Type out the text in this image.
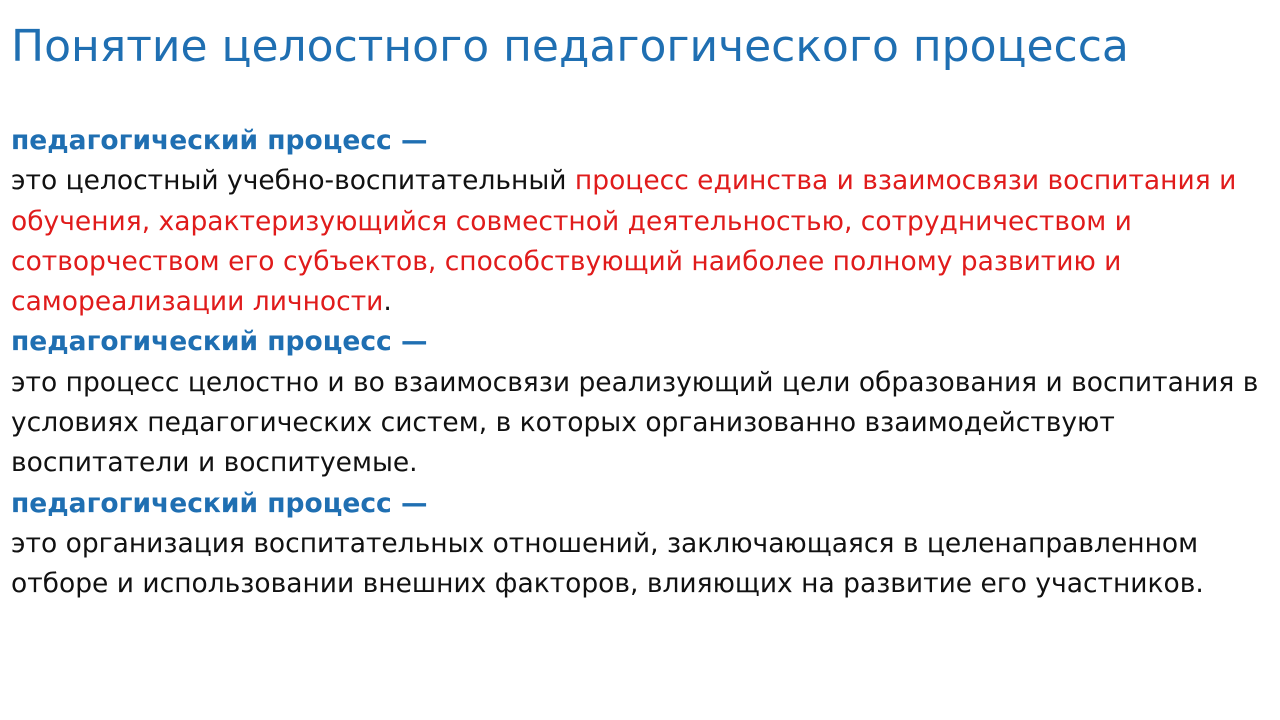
Понятие целостного педагогического процесса
педагогический процесс —
это целостный учебно-воспитательный процесс единства и взаимосвязи воспитания и обучения, характеризующийся совместной деятельностью, сотрудничеством и сотворчеством его субъектов, способствующий наиболее полному развитию и самореализации личности.
педагогический процесс —
это процесс целостно и во взаимосвязи реализующий цели образования и воспитания в условиях педагогических систем, в которых организованно взаимодействуют воспитатели и воспитуемые.
педагогический процесс —
это организация воспитательных отношений, заключающаяся в целенаправленном отборе и использовании внешних факторов, влияющих на развитие его участников.
